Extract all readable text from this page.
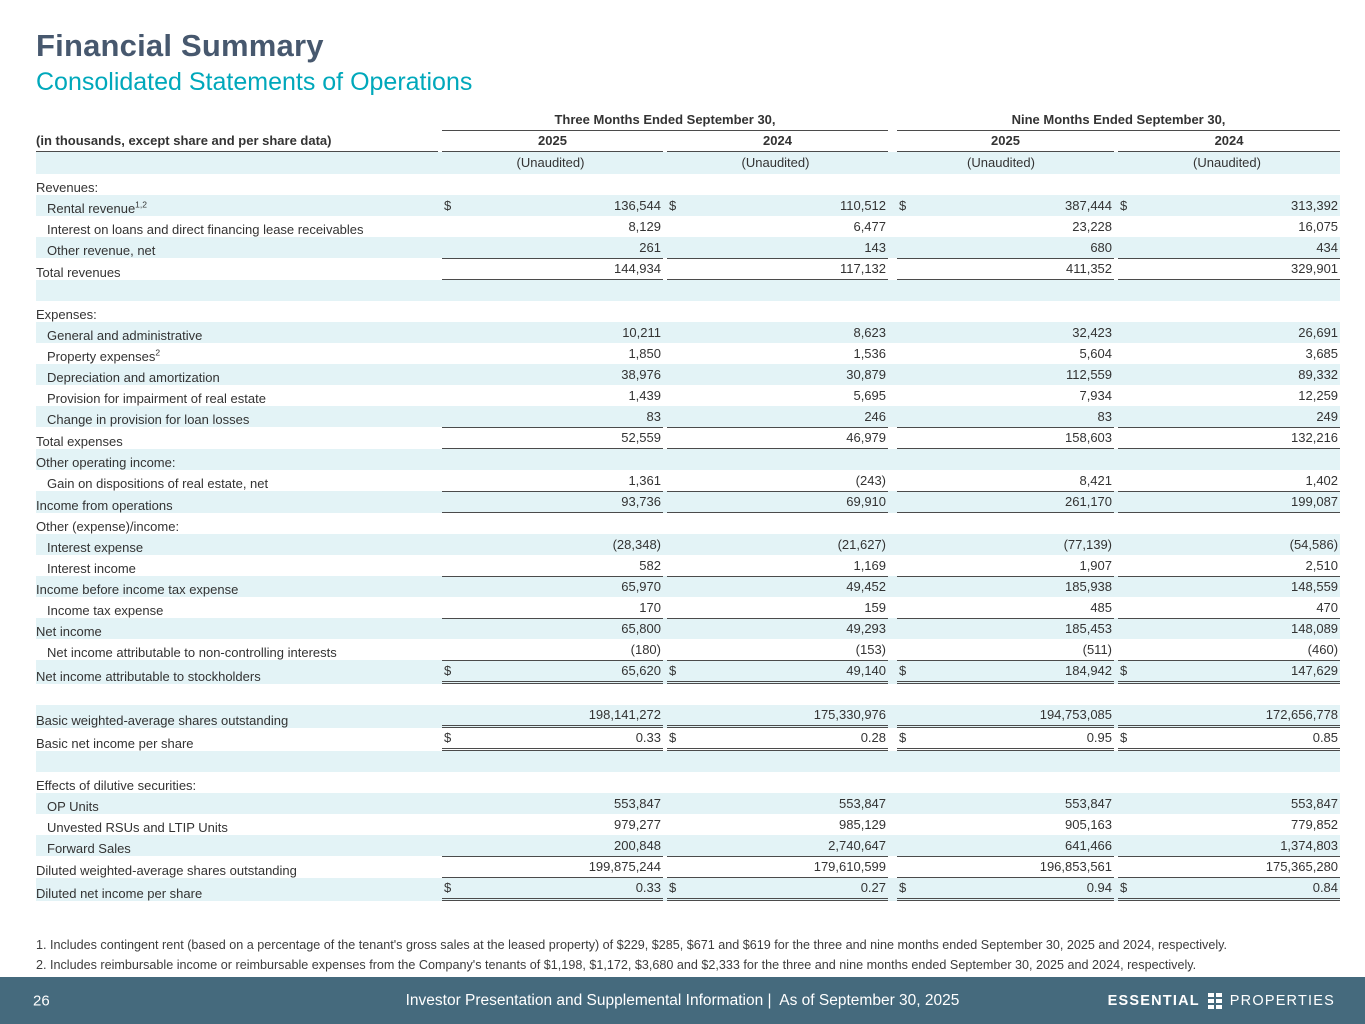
Financial Summary
Consolidated Statements of Operations

	Three Months Ended September 30,		Nine Months Ended September 30,	

(in thousands, except share and per share data)	2025	2024	2025	2024

	(Unaudited)	(Unaudited)	(Unaudited)	(Unaudited)

Revenues:	

Rental revenue$^{1,2}$	$ 136,544	$ 110,512	$ 387,444	$ 313,392

Interest on loans and direct financing lease receivables	8,129	6,477	23,228	16,075

Other revenue, net	261	143	680	434

Total revenues	144,934	117,132	411,352	329,901

Expenses:	

General and administrative	10,211	8,623	32,423	26,691

Property expenses$^2$	1,850	1,536	5,604	3,685

Depreciation and amortization	38,976	30,879	112,559	89,332

Provision for impairment of real estate	1,439	5,695	7,934	12,259

Change in provision for loan losses	83	246	83	249

Total expenses	52,559	46,979	158,603	132,216

Other operating income:	

Gain on dispositions of real estate, net	1,361	(243)	8,421	1,402

Income from operations	93,736	69,910	261,170	199,087

Other (expense)/income:	

Interest expense	(28,348)	(21,627)	(77,139)	(54,586)

Interest income	582	1,169	1,907	2,510

Income before income tax expense	65,970	49,452	185,938	148,559

Income tax expense	170	159	485	470

Net income	65,800	49,293	185,453	148,089

Net income attributable to non-controlling interests	(180)	(153)	(511)	(460)

Net income attributable to stockholders	$ 65,620	$ 49,140	$ 184,942	$ 147,629

Basic weighted-average shares outstanding	198,141,272	175,330,976	194,753,085	172,656,778

Basic net income per share	$ 0.33	$ 0.28	$ 0.95	$ 0.85

Effects of dilutive securities:	

OP Units	553,847	553,847	553,847	553,847

Unvested RSUs and LTIP Units	979,277	985,129	905,163	779,852

Forward Sales	200,848	2,740,647	641,466	1,374,803

Diluted weighted-average shares outstanding	199,875,244	179,610,599	196,853,561	175,365,280

Diluted net income per share	$ 0.33	$ 0.27	$ 0.94	$ 0.84
1. Includes contingent rent (based on a percentage of the tenant's gross sales at the leased property) of $229, $285, $671 and $619 for the three and nine months ended September 30, 2025 and 2024, respectively.
2. Includes reimbursable income or reimbursable expenses from the Company's tenants of $1,198, $1,172, $3,680 and $2,333 for the three and nine months ended September 30, 2025 and 2024, respectively.
26	Investor Presentation and Supplemental Information |  As of September 30, 2025	ESSENTIAL PROPERTIES
